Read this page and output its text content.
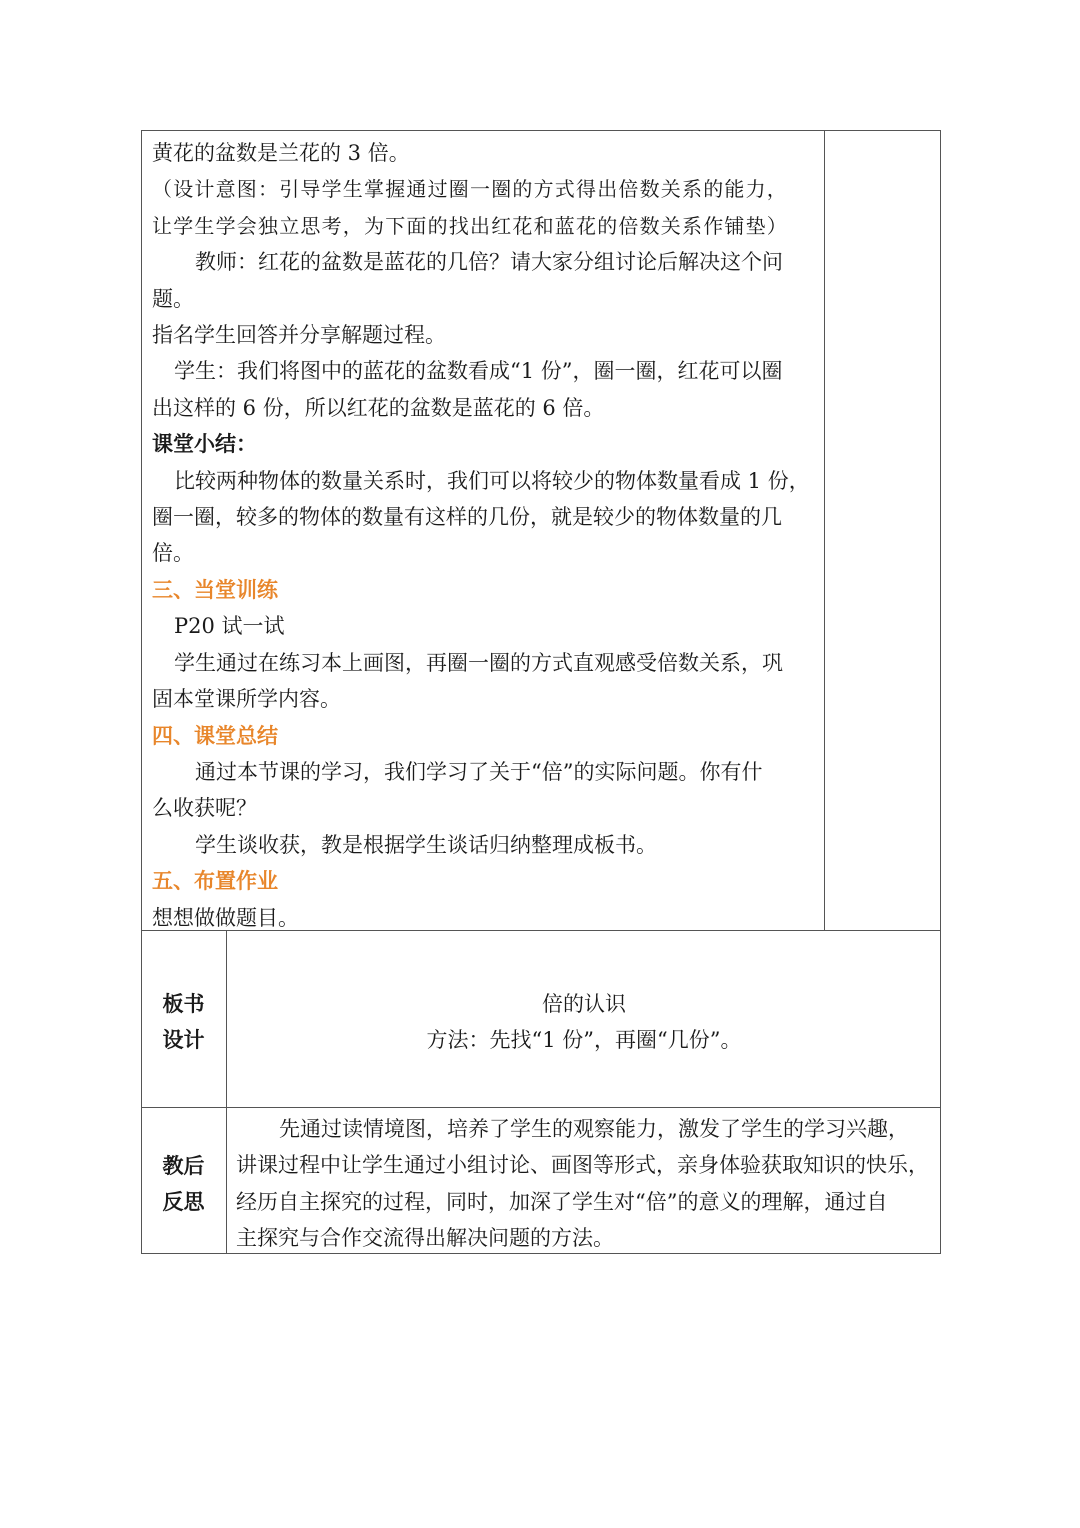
黄花的盆数是兰花的 3 倍。

（设计意图：引导学生掌握通过圈一圈的方式得出倍数关系的能力，

让学生学会独立思考，为下面的找出红花和蓝花的倍数关系作铺垫）

教师：红花的盆数是蓝花的几倍？请大家分组讨论后解决这个问

题。

指名学生回答并分享解题过程。

学生：我们将图中的蓝花的盆数看成“1 份”，圈一圈，红花可以圈

出这样的 6 份，所以红花的盆数是蓝花的 6 倍。

课堂小结：

比较两种物体的数量关系时，我们可以将较少的物体数量看成 1 份，

圈一圈，较多的物体的数量有这样的几份，就是较少的物体数量的几

倍。

三、当堂训练

P20 试一试

学生通过在练习本上画图，再圈一圈的方式直观感受倍数关系，巩

固本堂课所学内容。

四、课堂总结

通过本节课的学习，我们学习了关于“倍”的实际问题。你有什

么收获呢？

学生谈收获，教是根据学生谈话归纳整理成板书。

五、布置作业

想想做做题目。

板书

设计

倍的认识

方法：先找“1 份”，再圈“几份”。

教后

反思

先通过读情境图，培养了学生的观察能力，激发了学生的学习兴趣，

讲课过程中让学生通过小组讨论、画图等形式，亲身体验获取知识的快乐，

经历自主探究的过程，同时，加深了学生对“倍”的意义的理解，通过自

主探究与合作交流得出解决问题的方法。
